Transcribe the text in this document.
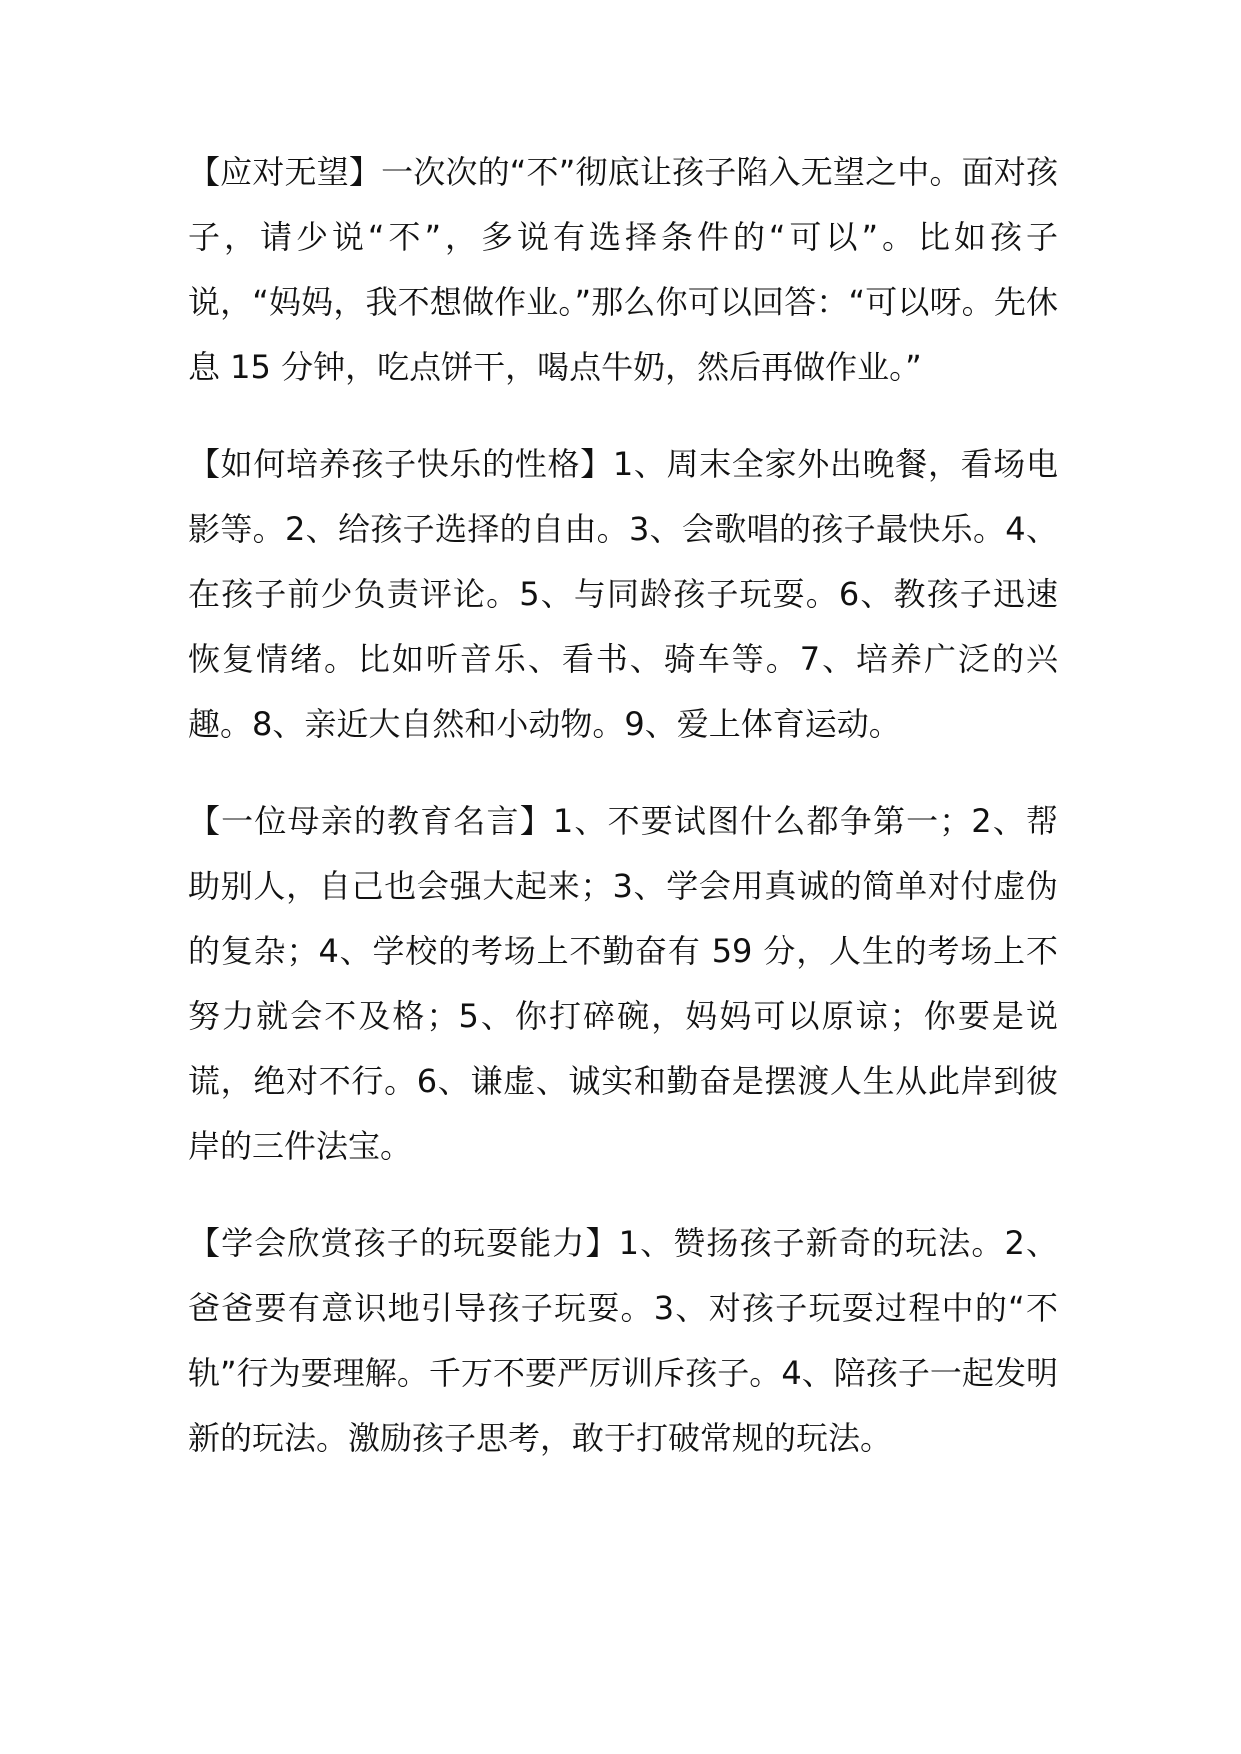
【应对无望】一次次的“不”彻底让孩子陷入无望之中。面对孩子，请少说“不”，多说有选择条件的“可以”。比如孩子说，“妈妈，我不想做作业。”那么你可以回答：“可以呀。先休息 15 分钟，吃点饼干，喝点牛奶，然后再做作业。”

【如何培养孩子快乐的性格】1、周末全家外出晚餐，看场电影等。2、给孩子选择的自由。3、会歌唱的孩子最快乐。4、在孩子前少负责评论。5、与同龄孩子玩耍。6、教孩子迅速恢复情绪。比如听音乐、看书、骑车等。7、培养广泛的兴趣。8、亲近大自然和小动物。9、爱上体育运动。

【一位母亲的教育名言】1、不要试图什么都争第一；2、帮助别人，自己也会强大起来；3、学会用真诚的简单对付虚伪的复杂；4、学校的考场上不勤奋有 59 分，人生的考场上不努力就会不及格；5、你打碎碗，妈妈可以原谅；你要是说谎，绝对不行。6、谦虚、诚实和勤奋是摆渡人生从此岸到彼岸的三件法宝。

【学会欣赏孩子的玩耍能力】1、赞扬孩子新奇的玩法。2、爸爸要有意识地引导孩子玩耍。3、对孩子玩耍过程中的“不轨”行为要理解。千万不要严厉训斥孩子。4、陪孩子一起发明新的玩法。激励孩子思考，敢于打破常规的玩法。
